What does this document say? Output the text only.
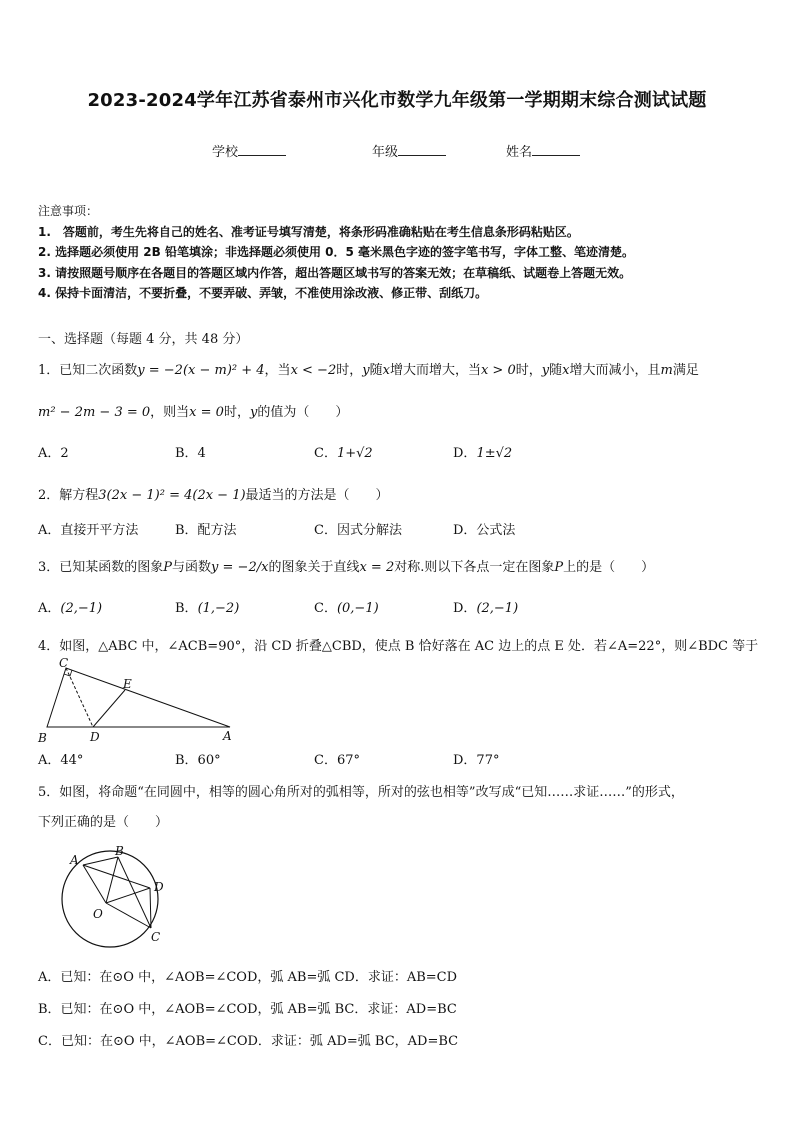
2023-2024学年江苏省泰州市兴化市数学九年级第一学期期末综合测试试题
学校	年级	姓名
注意事项：
1.　答题前，考生先将自己的姓名、准考证号填写清楚，将条形码准确粘贴在考生信息条形码粘贴区。
2. 选择题必须使用 2B 铅笔填涂；非选择题必须使用 0．5 毫米黑色字迹的签字笔书写，字体工整、笔迹清楚。
3. 请按照题号顺序在各题目的答题区域内作答，超出答题区域书写的答案无效；在草稿纸、试题卷上答题无效。
4. 保持卡面清洁，不要折叠，不要弄破、弄皱，不准使用涂改液、修正带、刮纸刀。
一、选择题（每题 4 分，共 48 分）
1．已知二次函数y = −2(x − m)² + 4，当x < −2时，y随x增大而增大，当x > 0时，y随x增大而减小，且m满足
m² − 2m − 3 = 0，则当x = 0时，y的值为（　　）
A．2	B．4	C．1+√2	D．1±√2
2．解方程3(2x − 1)² = 4(2x − 1)最适当的方法是（　　）
A．直接开平方法	B．配方法	C．因式分解法	D．公式法
3．已知某函数的图象P与函数y = −2/x的图象关于直线x = 2对称.则以下各点一定在图象P上的是（　　）
A．(2,−1)	B．(1,−2)	C．(0,−1)	D．(2,−1)
4．如图，△ABC 中，∠ACB=90°，沿 CD 折叠△CBD，使点 B 恰好落在 AC 边上的点 E 处．若∠A=22°，则∠BDC 等于
C
E
B	D	A
A．44°	B．60°	C．67°	D．77°
5．如图，将命题“在同圆中，相等的圆心角所对的弧相等，所对的弦也相等”改写成“已知……求证……”的形式，
下列正确的是（　　）
A
B
D
O
C
A．已知：在⊙O 中，∠AOB=∠COD，弧 AB=弧 CD．求证：AB=CD
B．已知：在⊙O 中，∠AOB=∠COD，弧 AB=弧 BC．求证：AD=BC
C．已知：在⊙O 中，∠AOB=∠COD．求证：弧 AD=弧 BC，AD=BC
